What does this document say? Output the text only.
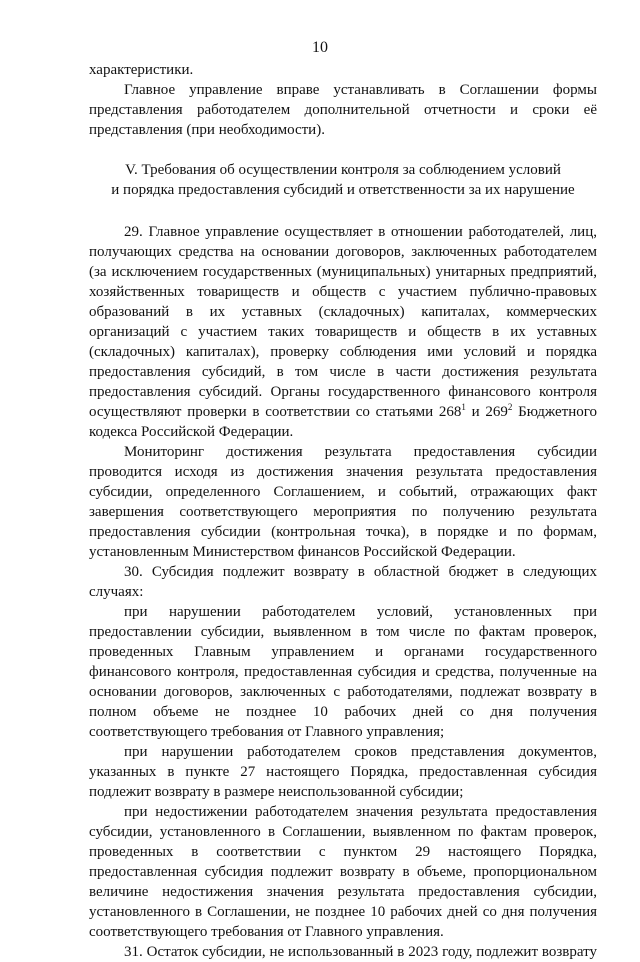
10

характеристики.

Главное управление вправе устанавливать в Соглашении формы представления работодателем дополнительной отчетности и сроки её представления (при необходимости).

V. Требования об осуществлении контроля за соблюдением условий
и порядка предоставления субсидий и ответственности за их нарушение

29. Главное управление осуществляет в отношении работодателей, лиц, получающих средства на основании договоров, заключенных работодателем (за исключением государственных (муниципальных) унитарных предприятий, хозяйственных товариществ и обществ с участием публично-правовых образований в их уставных (складочных) капиталах, коммерческих организаций с участием таких товариществ и обществ в их уставных (складочных) капиталах), проверку соблюдения ими условий и порядка предоставления субсидий, в том числе в части достижения результата предоставления субсидий. Органы государственного финансового контроля осуществляют проверки в соответствии со статьями $268^1$ и $269^2$ Бюджетного кодекса Российской Федерации.

Мониторинг достижения результата предоставления субсидии проводится исходя из достижения значения результата предоставления субсидии, определенного Соглашением, и событий, отражающих факт завершения соответствующего мероприятия по получению результата предоставления субсидии (контрольная точка), в порядке и по формам, установленным Министерством финансов Российской Федерации.

30. Субсидия подлежит возврату в областной бюджет в следующих случаях:

при нарушении работодателем условий, установленных при предоставлении субсидии, выявленном в том числе по фактам проверок, проведенных Главным управлением и органами государственного финансового контроля, предоставленная субсидия и средства, полученные на основании договоров, заключенных с работодателями, подлежат возврату в полном объеме не позднее 10 рабочих дней со дня получения соответствующего требования от Главного управления;

при нарушении работодателем сроков представления документов, указанных в пункте 27 настоящего Порядка, предоставленная субсидия подлежит возврату в размере неиспользованной субсидии;

при недостижении работодателем значения результата предоставления субсидии, установленного в Соглашении, выявленном по фактам проверок, проведенных в соответствии с пунктом 29 настоящего Порядка, предоставленная субсидия подлежит возврату в объеме, пропорциональном величине недостижения значения результата предоставления субсидии, установленного в Соглашении, не позднее 10 рабочих дней со дня получения соответствующего требования от Главного управления.

31. Остаток субсидии, не использованный в 2023 году, подлежит возврату
